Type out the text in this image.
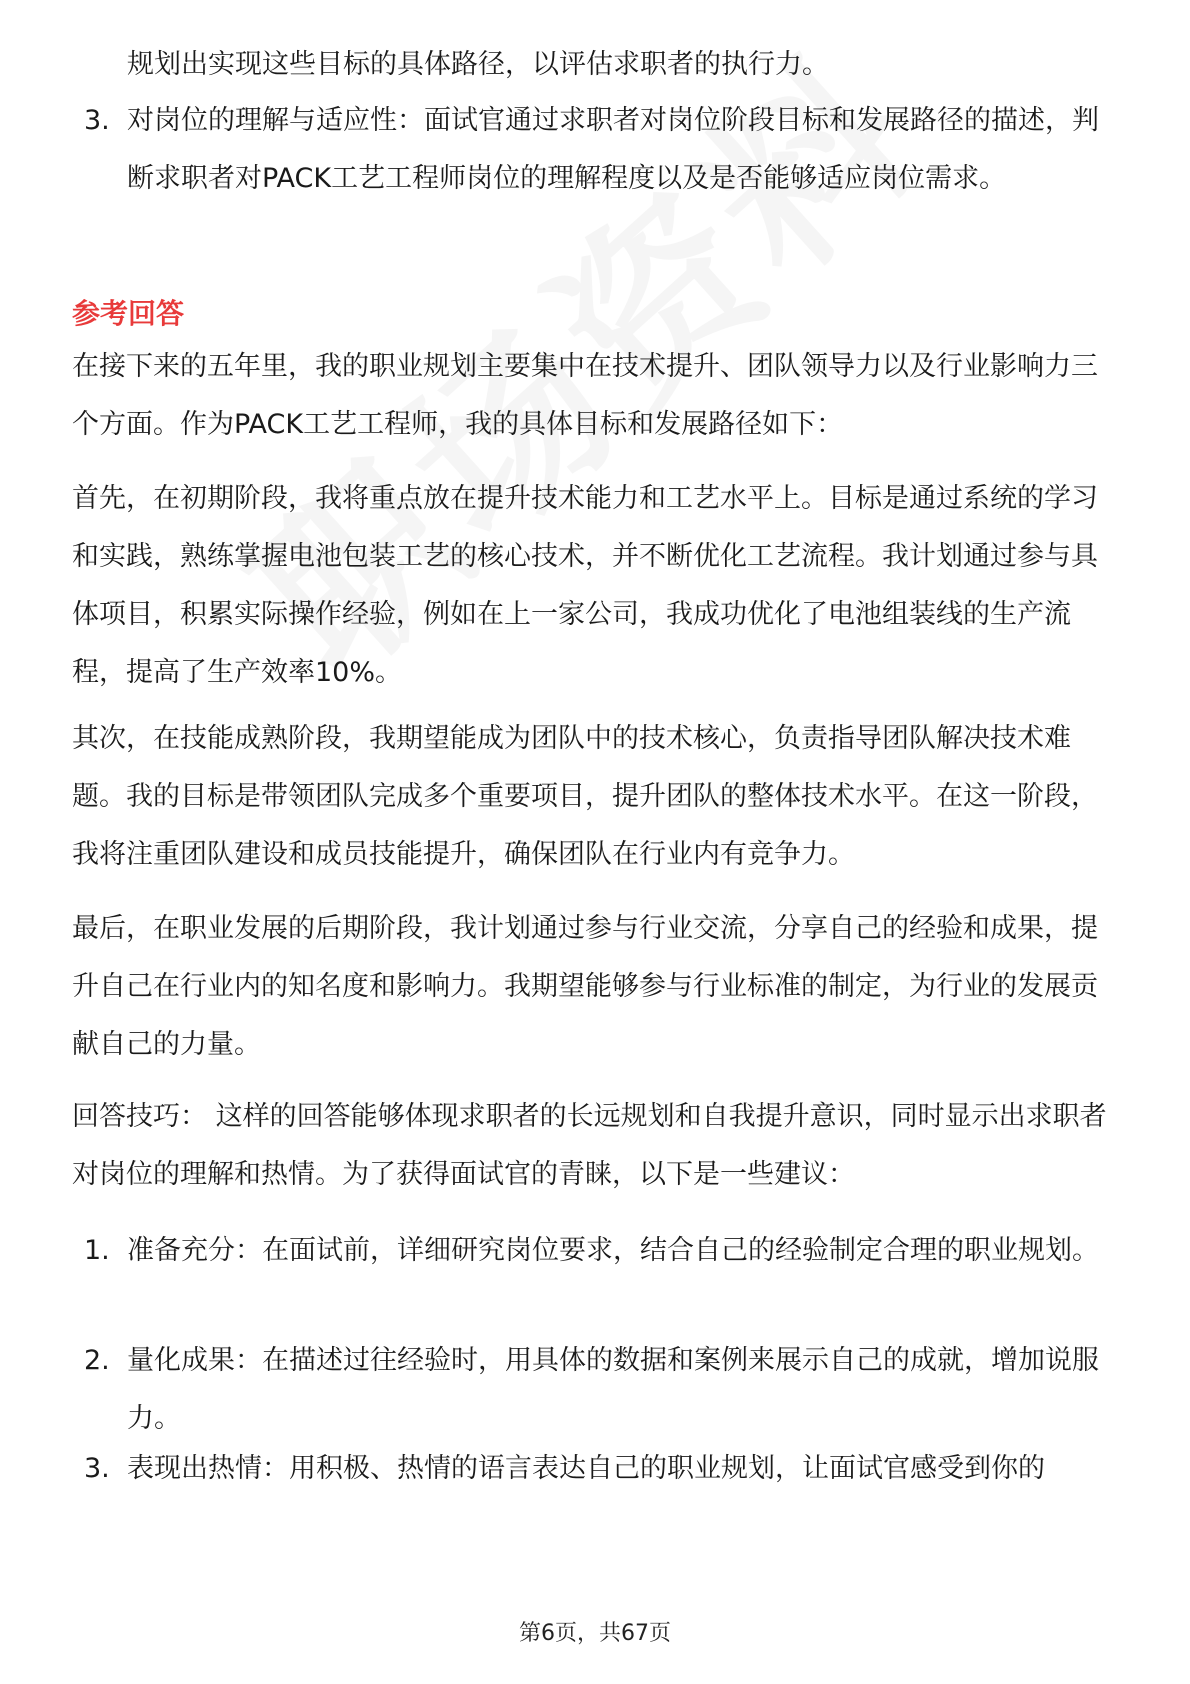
规划出实现这些目标的具体路径，以评估求职者的执行力。
3. 对岗位的理解与适应性：面试官通过求职者对岗位阶段目标和发展路径的描述，判断求职者对PACK工艺工程师岗位的理解程度以及是否能够适应岗位需求。
参考回答

在接下来的五年里，我的职业规划主要集中在技术提升、团队领导力以及行业影响力三个方面。作为PACK工艺工程师，我的具体目标和发展路径如下：

首先，在初期阶段，我将重点放在提升技术能力和工艺水平上。目标是通过系统的学习和实践，熟练掌握电池包装工艺的核心技术，并不断优化工艺流程。我计划通过参与具体项目，积累实际操作经验，例如在上一家公司，我成功优化了电池组装线的生产流程，提高了生产效率10%。

其次，在技能成熟阶段，我期望能成为团队中的技术核心，负责指导团队解决技术难题。我的目标是带领团队完成多个重要项目，提升团队的整体技术水平。在这一阶段，我将注重团队建设和成员技能提升，确保团队在行业内有竞争力。

最后，在职业发展的后期阶段，我计划通过参与行业交流，分享自己的经验和成果，提升自己在行业内的知名度和影响力。我期望能够参与行业标准的制定，为行业的发展贡献自己的力量。

回答技巧： 这样的回答能够体现求职者的长远规划和自我提升意识，同时显示出求职者对岗位的理解和热情。为了获得面试官的青睐，以下是一些建议：

1. 准备充分：在面试前，详细研究岗位要求，结合自己的经验制定合理的职业规划。
2. 量化成果：在描述过往经验时，用具体的数据和案例来展示自己的成就，增加说服力。
3. 表现出热情：用积极、热情的语言表达自己的职业规划，让面试官感受到你的
第6页，共67页
